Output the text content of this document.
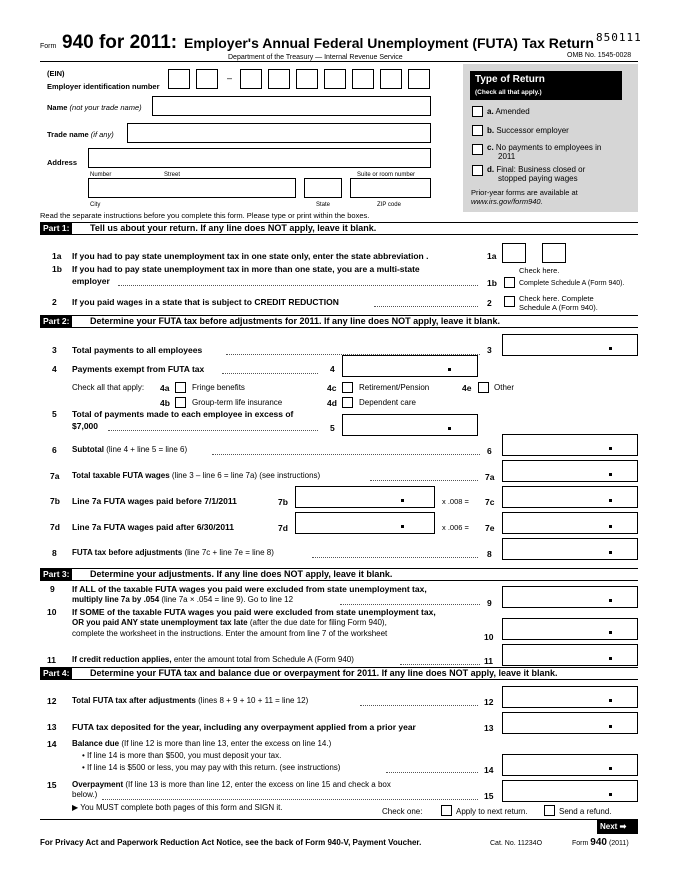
Form 940 for 2011: Employer's Annual Federal Unemployment (FUTA) Tax Return
Department of the Treasury — Internal Revenue Service
850111
OMB No. 1545-0028
(EIN)
Employer identification number
–
Name (not your trade name)
Trade name (if any)
Address
Number	Street	Suite or room number
City	State	ZIP code
Type of Return
(Check all that apply.)
a. Amended
b. Successor employer
c. No payments to employees in
2011
d. Final: Business closed or
stopped paying wages
Prior-year forms are available at
www.irs.gov/form940.
Read the separate instructions before you complete this form. Please type or print within the boxes.
Part 1:	Tell us about your return. If any line does NOT apply, leave it blank.
1a If you had to pay state unemployment tax in one state only, enter the state abbreviation .	1a
1b If you had to pay state unemployment tax in more than one state, you are a multi-state
employer	1b
Check here.
Complete Schedule A (Form 940).
2 If you paid wages in a state that is subject to CREDIT REDUCTION	2	Check here. Complete
Schedule A (Form 940).
Part 2:	Determine your FUTA tax before adjustments for 2011. If any line does NOT apply, leave it blank.
3 Total payments to all employees	3
4 Payments exempt from FUTA tax	4
Check all that apply: 4a	Fringe benefits
4b	Group-term life insurance
4c	Retirement/Pension
4d	Dependent care
4e	Other
5 Total of payments made to each employee in excess of
$7,000	5
6 Subtotal (line 4 + line 5 = line 6)	6
7a Total taxable FUTA wages (line 3 – line 6 = line 7a) (see instructions)	7a
7b Line 7a FUTA wages paid before 7/1/2011	7b	x .008 = 7c
7d Line 7a FUTA wages paid after 6/30/2011	7d	x .006 = 7e
8 FUTA tax before adjustments (line 7c + line 7e = line 8)	8
Part 3:	Determine your adjustments. If any line does NOT apply, leave it blank.
9 If ALL of the taxable FUTA wages you paid were excluded from state unemployment tax,
multiply line 7a by .054 (line 7a × .054 = line 9). Go to line 12	9
10 If SOME of the taxable FUTA wages you paid were excluded from state unemployment tax,
OR you paid ANY state unemployment tax late (after the due date for filing Form 940),
complete the worksheet in the instructions. Enter the amount from line 7 of the worksheet	10
11 If credit reduction applies, enter the amount total from Schedule A (Form 940)	11
Part 4:	Determine your FUTA tax and balance due or overpayment for 2011. If any line does NOT apply, leave it blank.
12 Total FUTA tax after adjustments (lines 8 + 9 + 10 + 11 = line 12)	12
13 FUTA tax deposited for the year, including any overpayment applied from a prior year	13
14 Balance due (If line 12 is more than line 13, enter the excess on line 14.)
• If line 14 is more than $500, you must deposit your tax.
• If line 14 is $500 or less, you may pay with this return. (see instructions)	14
15 Overpayment (If line 13 is more than line 12, enter the excess on line 15 and check a box
below.)	15
▶ You MUST complete both pages of this form and SIGN it.	Check one:	Apply to next return.	Send a refund.
Next ➡
For Privacy Act and Paperwork Reduction Act Notice, see the back of Form 940-V, Payment Voucher.	Cat. No. 11234O	Form 940 (2011)
